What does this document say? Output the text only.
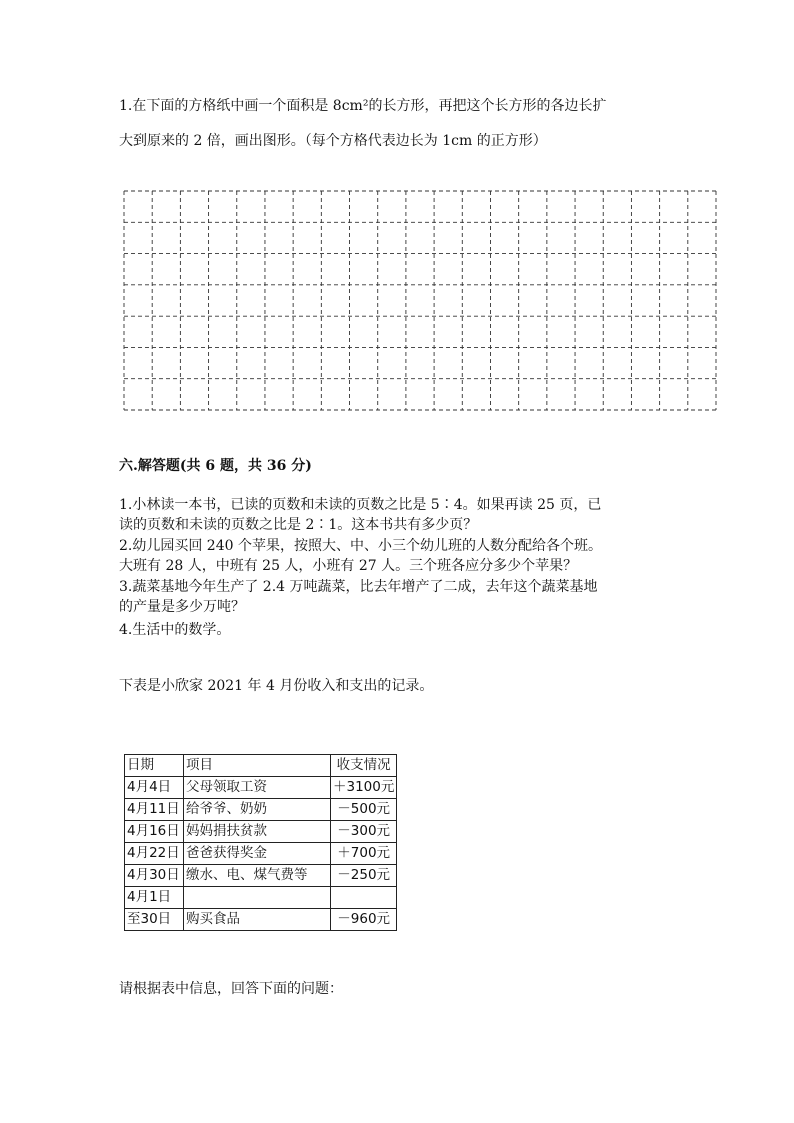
1.在下面的方格纸中画一个面积是 8cm²的长方形，再把这个长方形的各边长扩
大到原来的 2 倍，画出图形。（每个方格代表边长为 1cm 的正方形）
六.解答题(共 6 题，共 36 分)
1.小林读一本书，已读的页数和未读的页数之比是 5∶4。如果再读 25 页，已
读的页数和未读的页数之比是 2∶1。这本书共有多少页？
2.幼儿园买回 240 个苹果，按照大、中、小三个幼儿班的人数分配给各个班。
大班有 28 人，中班有 25 人，小班有 27 人。三个班各应分多少个苹果？
3.蔬菜基地今年生产了 2.4 万吨蔬菜，比去年增产了二成，去年这个蔬菜基地
的产量是多少万吨？
4.生活中的数学。
下表是小欣家 2021 年 4 月份收入和支出的记录。
日期	项目	收支情况
4月4日	父母领取工资	＋3100元
4月11日	给爷爷、奶奶	－500元
4月16日	妈妈捐扶贫款	－300元
4月22日	爸爸获得奖金	＋700元
4月30日	缴水、电、煤气费等	－250元
4月1日		
至30日	购买食品	－960元
请根据表中信息，回答下面的问题：
